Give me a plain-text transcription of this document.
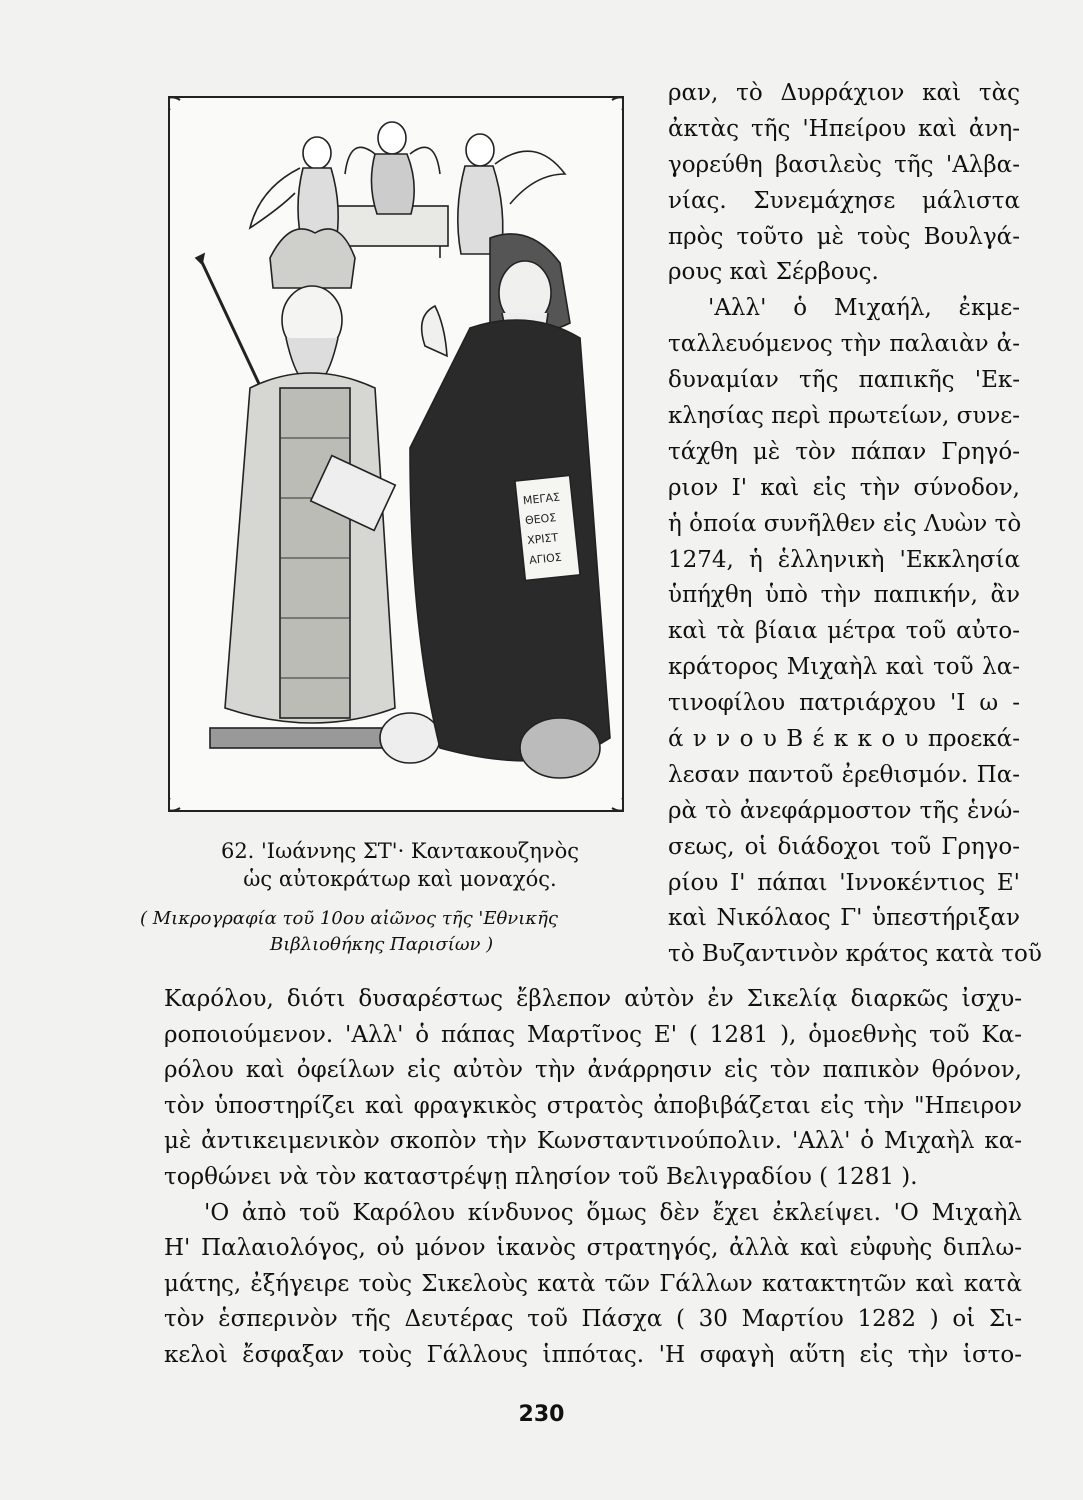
ΜΕΓΑΣ
ΘΕΟΣ
ΧΡΙΣΤ
ΑΓΙΟΣ
62. 'Ιωάννης ΣΤ'· Καντακουζηνὸς
ὡς αὐτοκράτωρ καὶ μοναχός.
( Μικρογραφία τοῦ 10ου αἰῶνος τῆς 'Εθνικῆς
Βιβλιοθήκης Παρισίων )
ραν, τὸ Δυρράχιον καὶ τὰς
ἀκτὰς τῆς 'Ηπείρου καὶ ἀνη-
γορεύθη βασιλεὺς τῆς 'Αλβα-
νίας. Συνεμάχησε μάλιστα
πρὸς τοῦτο μὲ τοὺς Βουλγά-
ρους καὶ Σέρβους.
'Αλλ' ὁ Μιχαήλ, ἐκμε-
ταλλευόμενος τὴν παλαιὰν ἀ-
δυναμίαν τῆς παπικῆς 'Εκ-
κλησίας περὶ πρωτείων, συνε-
τάχθη μὲ τὸν πάπαν Γρηγό-
ριον Ι' καὶ εἰς τὴν σύνοδον,
ἡ ὁποία συνῆλθεν εἰς Λυὼν τὸ
1274, ἡ ἑλληνικὴ 'Εκκλησία
ὑπήχθη ὑπὸ τὴν παπικήν, ἂν
καὶ τὰ βίαια μέτρα τοῦ αὐτο-
κράτορος Μιχαὴλ καὶ τοῦ λα-
τινοφίλου πατριάρχου 'Ι ω -
ά ν ν ο υ Β έ κ κ ο υ προεκά-
λεσαν παντοῦ ἐρεθισμόν. Πα-
ρὰ τὸ ἀνεφάρμοστον τῆς ἑνώ-
σεως, οἱ διάδοχοι τοῦ Γρηγο-
ρίου Ι' πάπαι 'Ιννοκέντιος Ε'
καὶ Νικόλαος Γ' ὑπεστήριξαν
τὸ Βυζαντινὸν κράτος κατὰ τοῦ
Καρόλου, διότι δυσαρέστως ἔβλεπον αὐτὸν ἐν Σικελίᾳ διαρκῶς ἰσχυ-
ροποιούμενον. 'Αλλ' ὁ πάπας Μαρτῖνος Ε' ( 1281 ), ὁμοεθνὴς τοῦ Κα-
ρόλου καὶ ὀφείλων εἰς αὐτὸν τὴν ἀνάρρησιν εἰς τὸν παπικὸν θρόνον,
τὸν ὑποστηρίζει καὶ φραγκικὸς στρατὸς ἀποβιβάζεται εἰς τὴν "Ηπειρον
μὲ ἀντικειμενικὸν σκοπὸν τὴν Κωνσταντινούπολιν. 'Αλλ' ὁ Μιχαὴλ κα-
τορθώνει νὰ τὸν καταστρέψῃ πλησίον τοῦ Βελιγραδίου ( 1281 ).
'Ο ἀπὸ τοῦ Καρόλου κίνδυνος ὅμως δὲν ἔχει ἐκλείψει. 'Ο Μιχαὴλ
Η' Παλαιολόγος, οὐ μόνον ἱκανὸς στρατηγός, ἀλλὰ καὶ εὐφυὴς διπλω-
μάτης, ἐξήγειρε τοὺς Σικελοὺς κατὰ τῶν Γάλλων κατακτητῶν καὶ κατὰ
τὸν ἑσπερινὸν τῆς Δευτέρας τοῦ Πάσχα ( 30 Μαρτίου 1282 ) οἱ Σι-
κελοὶ ἔσφαξαν τοὺς Γάλλους ἱππότας. 'Η σφαγὴ αὕτη εἰς τὴν ἱστο-
230
